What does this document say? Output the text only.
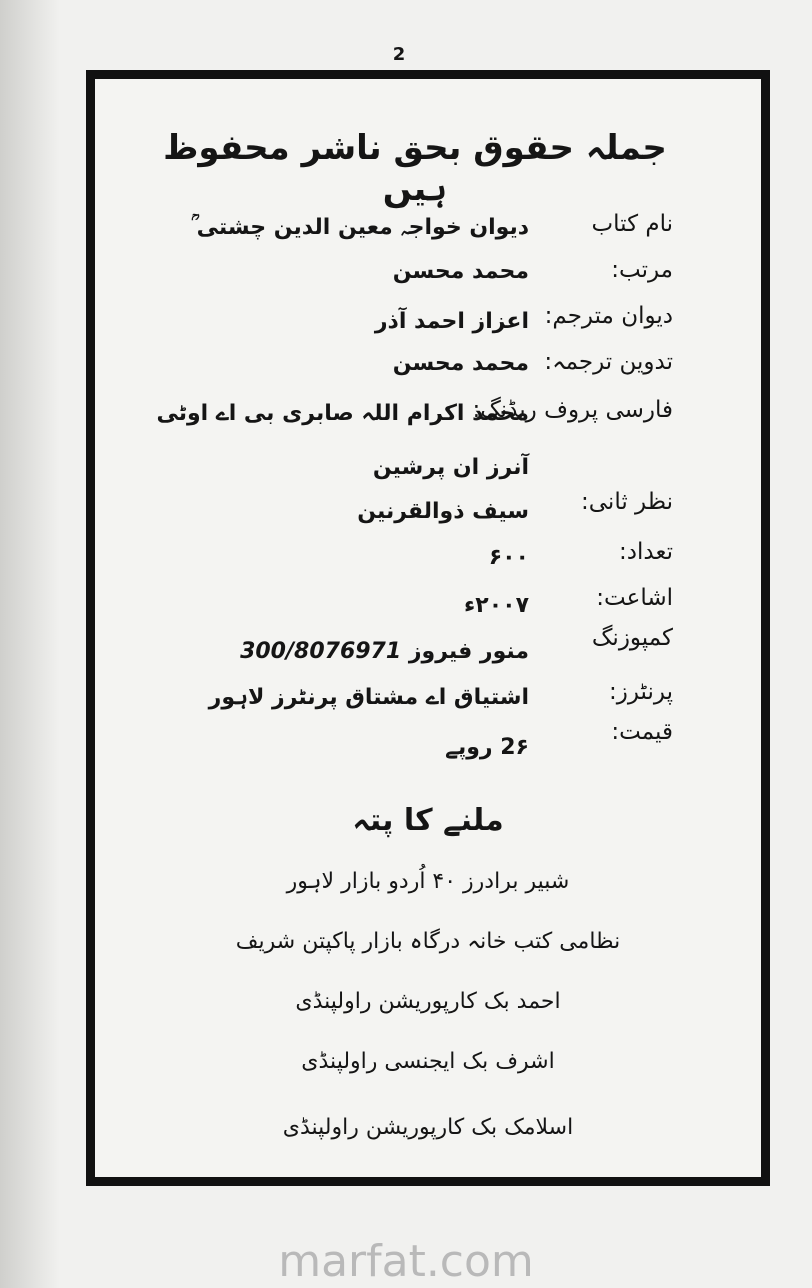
2
جملہ حقوق بحق ناشر محفوظ ہیں
نام کتاب
دیوان خواجہ معین الدین چشتی ؒ
مرتب:
محمد محسن
دیوان مترجم:
اعزاز احمد آذر
تدوین ترجمہ:
محمد محسن
فارسی پروف ریڈنگ:
محمد اکرام اللہ صابری بی اے اوٹی
آنرز ان پرشین
نظر ثانی:
سیف ذوالقرنین
تعداد:
۶۰۰
اشاعت:
۲۰۰۷ء
کمپوزنگ
منور فیروز 300/8076971
پرنٹرز:
اشتیاق اے مشتاق پرنٹرز لاہور
قیمت:
2۶ روپے
ملنے کا پتہ
شبیر برادرز ۴۰ اُردو بازار لاہور
نظامی کتب خانہ درگاہ بازار پاکپتن شریف
احمد بک کارپوریشن راولپنڈی
اشرف بک ایجنسی راولپنڈی
اسلامک بک کارپوریشن راولپنڈی
marfat.com
